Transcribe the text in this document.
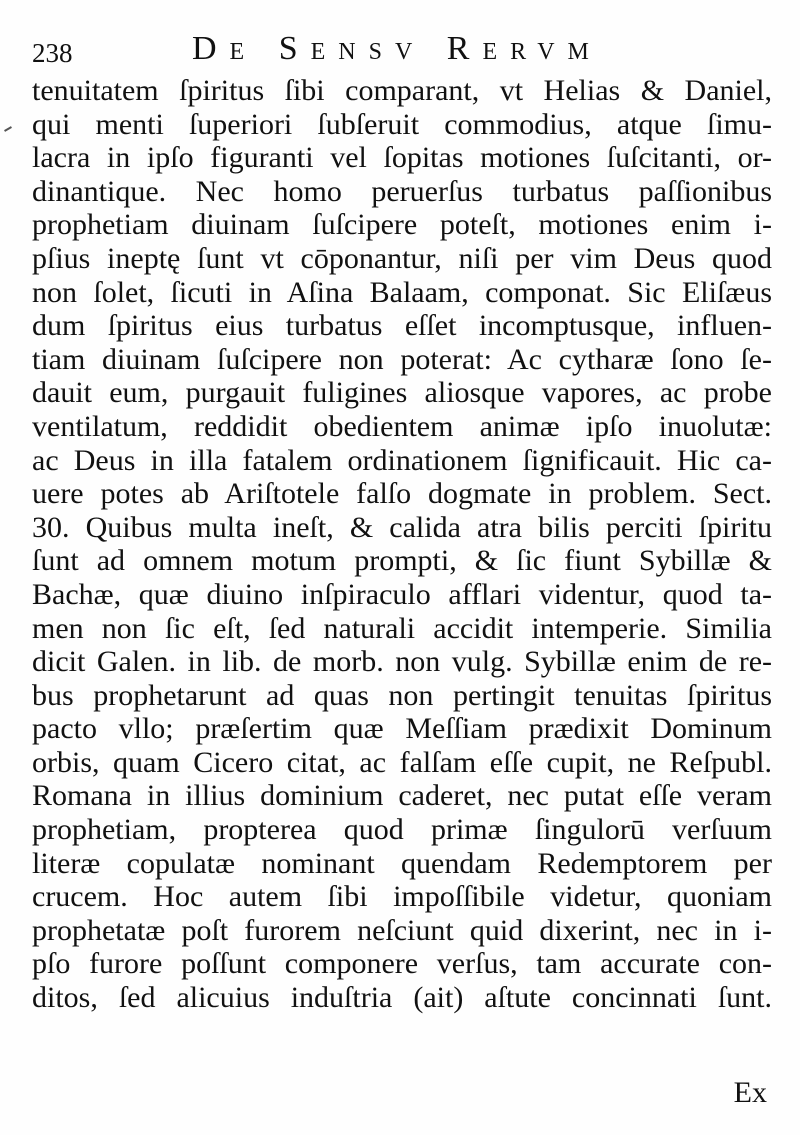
238	De Sensv Rervm
tenuitatem ſpiritus ſibi comparant, vt Helias & Daniel,
qui menti ſuperiori ſubſeruit commodius, atque ſimu-
lacra in ipſo figuranti vel ſopitas motiones ſuſcitanti, or-
dinantique. Nec homo peruerſus turbatus paſſionibus
prophetiam diuinam ſuſcipere poteſt, motiones enim i-
pſius ineptę ſunt vt cōponantur, niſi per vim Deus quod
non ſolet, ſicuti in Aſina Balaam, componat. Sic Eliſæus
dum ſpiritus eius turbatus eſſet incomptusque, influen-
tiam diuinam ſuſcipere non poterat: Ac cytharæ ſono ſe-
dauit eum, purgauit fuligines aliosque vapores, ac probe
ventilatum, reddidit obedientem animæ ipſo inuolutæ:
ac Deus in illa fatalem ordinationem ſignificauit. Hic ca-
uere potes ab Ariſtotele falſo dogmate in problem. Sect.
30. Quibus multa ineſt, & calida atra bilis perciti ſpiritu
ſunt ad omnem motum prompti, & ſic fiunt Sybillæ &
Bachæ, quæ diuino inſpiraculo afflari videntur, quod ta-
men non ſic eſt, ſed naturali accidit intemperie. Similia
dicit Galen. in lib. de morb. non vulg. Sybillæ enim de re-
bus prophetarunt ad quas non pertingit tenuitas ſpiritus
pacto vllo; præſertim quæ Meſſiam prædixit Dominum
orbis, quam Cicero citat, ac falſam eſſe cupit, ne Reſpubl.
Romana in illius dominium caderet, nec putat eſſe veram
prophetiam, propterea quod primæ ſingulorū verſuum
literæ copulatæ nominant quendam Redemptorem per
crucem. Hoc autem ſibi impoſſibile videtur, quoniam
prophetatæ poſt furorem neſciunt quid dixerint, nec in i-
pſo furore poſſunt componere verſus, tam accurate con-
ditos, ſed alicuius induſtria (ait) aſtute concinnati ſunt.
Ex
